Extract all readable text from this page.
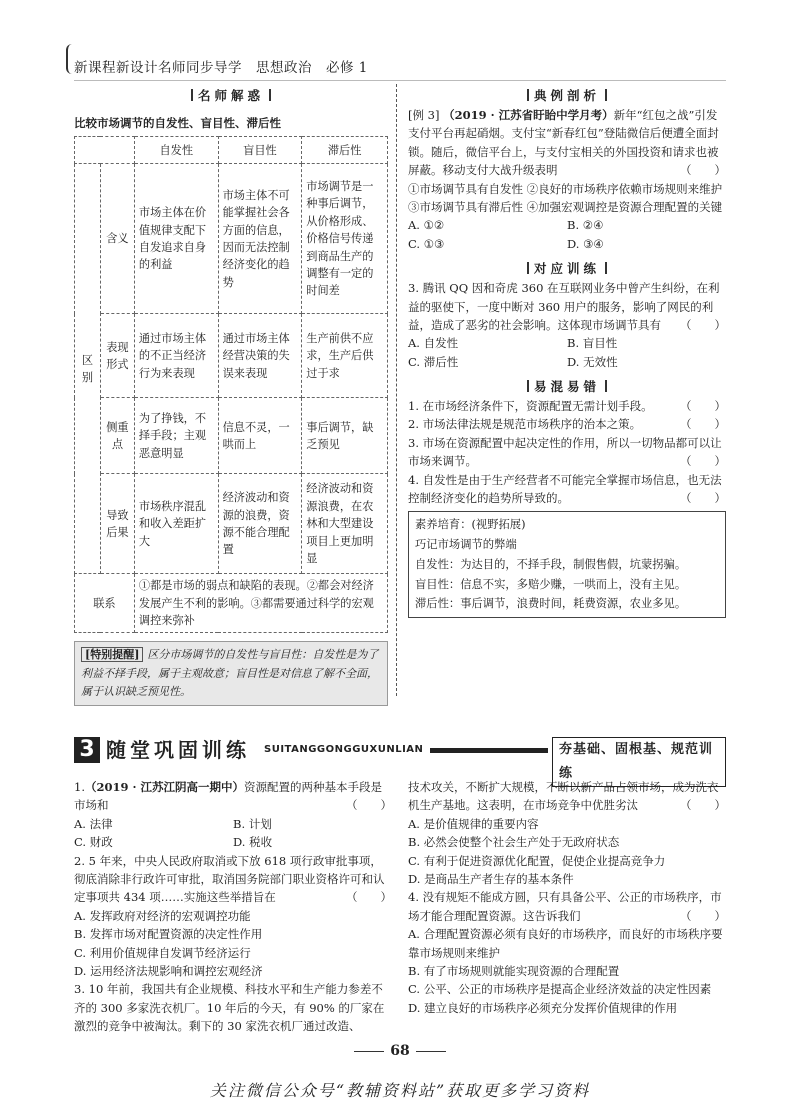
新课程新设计名师同步导学　思想政治　必修 1
名师解惑
比较市场调节的自发性、盲目性、滞后性
		自发性	盲目性	滞后性
区别	含义	市场主体在价值规律支配下自发追求自身的利益	市场主体不可能掌握社会各方面的信息，因而无法控制经济变化的趋势	市场调节是一种事后调节，从价格形成、价格信号传递到商品生产的调整有一定的时间差
	表现形式	通过市场主体的不正当经济行为来表现	通过市场主体经营决策的失误来表现	生产前供不应求，生产后供过于求
	侧重点	为了挣钱，不择手段；主观恶意明显	信息不灵，一哄而上	事后调节，缺乏预见
	导致后果	市场秩序混乱和收入差距扩大	经济波动和资源的浪费，资源不能合理配置	经济波动和资源浪费，在农林和大型建设项目上更加明显
联系		①都是市场的弱点和缺陷的表现。②都会对经济发展产生不利的影响。③都需要通过科学的宏观调控来弥补		
[特别提醒] 区分市场调节的自发性与盲目性：自发性是为了利益不择手段，属于主观故意；盲目性是对信息了解不全面，属于认识缺乏预见性。
典例剖析

[例 3] （2019 · 江苏省盱眙中学月考）新年“红包之战”引发支付平台再起硝烟。支付宝“新春红包”登陆微信后便遭全面封锁。随后，微信平台上，与支付宝相关的外国投资和请求也被屏蔽。移动支付大战升级表明	（　　）

①市场调节具有自发性 ②良好的市场秩序依赖市场规则来维护 ③市场调节具有滞后性 ④加强宏观调控是资源合理配置的关键

A. ①②	B. ②④
C. ①③	D. ③④
对应训练

3. 腾讯 QQ 因和奇虎 360 在互联网业务中曾产生纠纷，在利益的驱使下，一度中断对 360 用户的服务，影响了网民的利益，造成了恶劣的社会影响。这体现市场调节具有 （　　）

A. 自发性	B. 盲目性
C. 滞后性	D. 无效性
易混易错

1. 在市场经济条件下，资源配置无需计划手段。 （　　）

2. 市场法律法规是规范市场秩序的治本之策。	（　　）

3. 市场在资源配置中起决定性的作用，所以一切物品都可以让市场来调节。	（　　）

4. 自发性是由于生产经营者不可能完全掌握市场信息，也无法控制经济变化的趋势所导致的。	（　　）

素养培育：(视野拓展)
巧记市场调节的弊端
自发性：为达目的，不择手段，制假售假，坑蒙拐骗。
盲目性：信息不实，多赔少赚，一哄而上，没有主见。
滞后性：事后调节，浪费时间，耗费资源，农业多见。
3 随堂巩固训练 SUITANGGONGGUXUNLIAN	夯基础、固根基、规范训练

1.（2019 · 江苏江阴高一期中）资源配置的两种基本手段是市场和	（　　）

A. 法律	B. 计划
C. 财政	D. 税收

2. 5 年来，中央人民政府取消或下放 618 项行政审批事项，彻底消除非行政许可审批，取消国务院部门职业资格许可和认定事项共 434 项……实施这些举措旨在	（　　）

A. 发挥政府对经济的宏观调控功能

B. 发挥市场对配置资源的决定性作用

C. 利用价值规律自发调节经济运行

D. 运用经济法规影响和调控宏观经济

3. 10 年前，我国共有企业规模、科技水平和生产能力参差不齐的 300 多家洗衣机厂。10 年后的今天，有 90% 的厂家在激烈的竞争中被淘汰。剩下的 30 家洗衣机厂通过改造、

技术攻关，不断扩大规模，不断以新产品占领市场，成为洗衣机生产基地。这表明，在市场竞争中优胜劣汰	（　　）

A. 是价值规律的重要内容

B. 必然会使整个社会生产处于无政府状态

C. 有利于促进资源优化配置，促使企业提高竞争力

D. 是商品生产者生存的基本条件

4. 没有规矩不能成方圆，只有具备公平、公正的市场秩序，市场才能合理配置资源。这告诉我们	（　　）

A. 合理配置资源必须有良好的市场秩序，而良好的市场秩序要靠市场规则来维护

B. 有了市场规则就能实现资源的合理配置

C. 公平、公正的市场秩序是提高企业经济效益的决定性因素

D. 建立良好的市场秩序必须充分发挥价值规律的作用

68
关注微信公众号“教辅资料站”获取更多学习资料
